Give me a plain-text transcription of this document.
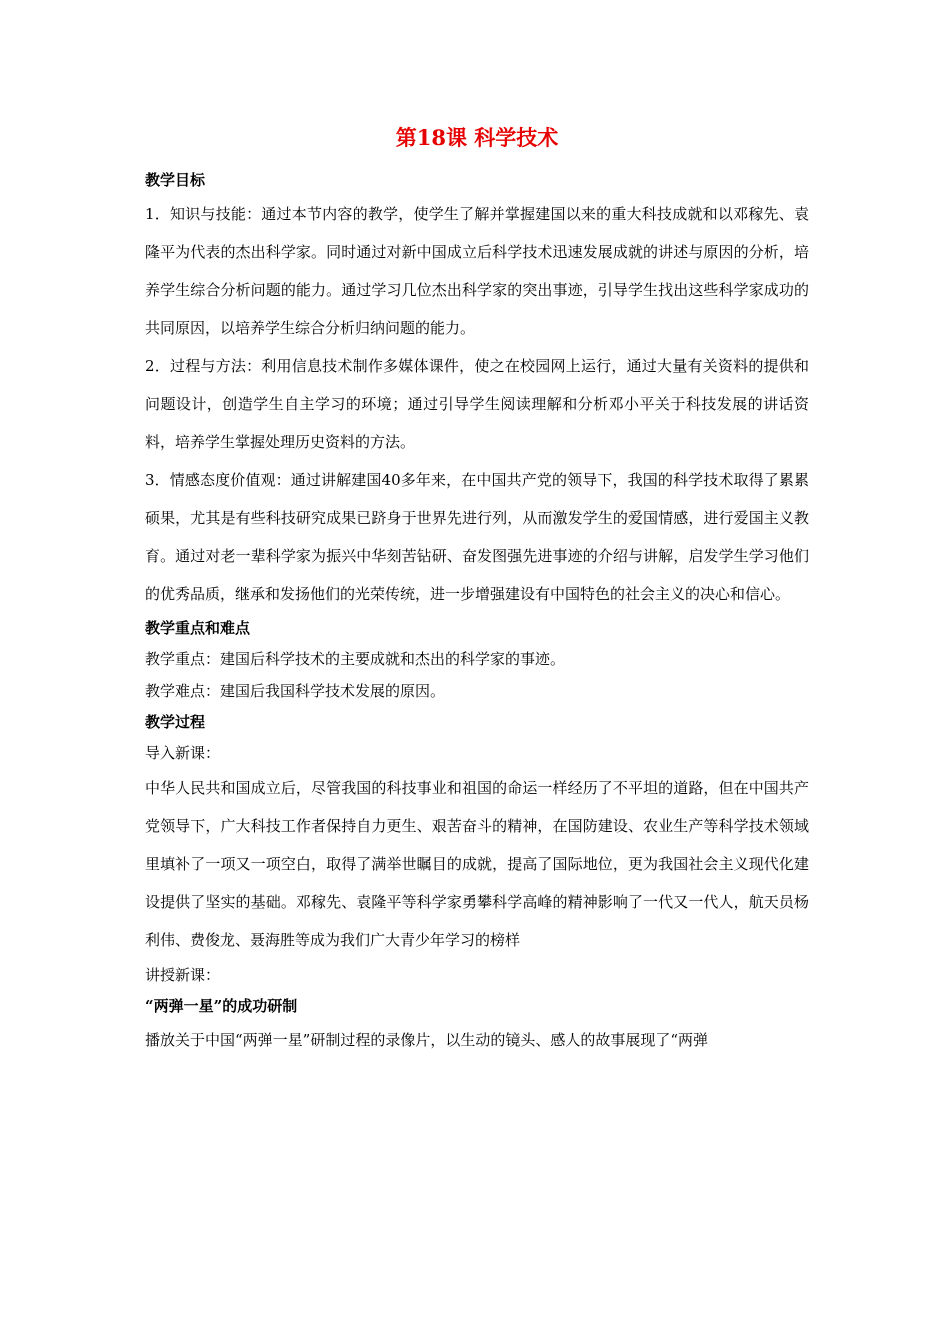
第18课 科学技术
教学目标

1．知识与技能：通过本节内容的教学，使学生了解并掌握建国以来的重大科技成就和以邓稼先、袁隆平为代表的杰出科学家。同时通过对新中国成立后科学技术迅速发展成就的讲述与原因的分析，培养学生综合分析问题的能力。通过学习几位杰出科学家的突出事迹，引导学生找出这些科学家成功的共同原因，以培养学生综合分析归纳问题的能力。

2．过程与方法：利用信息技术制作多媒体课件，使之在校园网上运行，通过大量有关资料的提供和问题设计，创造学生自主学习的环境；通过引导学生阅读理解和分析邓小平关于科技发展的讲话资料，培养学生掌握处理历史资料的方法。

3．情感态度价值观：通过讲解建国40多年来，在中国共产党的领导下，我国的科学技术取得了累累硕果，尤其是有些科技研究成果已跻身于世界先进行列，从而激发学生的爱国情感，进行爱国主义教育。通过对老一辈科学家为振兴中华刻苦钻研、奋发图强先进事迹的介绍与讲解，启发学生学习他们的优秀品质，继承和发扬他们的光荣传统，进一步增强建设有中国特色的社会主义的决心和信心。

教学重点和难点

教学重点：建国后科学技术的主要成就和杰出的科学家的事迹。

教学难点：建国后我国科学技术发展的原因。

教学过程

导入新课：

中华人民共和国成立后，尽管我国的科技事业和祖国的命运一样经历了不平坦的道路，但在中国共产党领导下，广大科技工作者保持自力更生、艰苦奋斗的精神，在国防建设、农业生产等科学技术领域里填补了一项又一项空白，取得了满举世瞩目的成就，提高了国际地位，更为我国社会主义现代化建设提供了坚实的基础。邓稼先、袁隆平等科学家勇攀科学高峰的精神影响了一代又一代人，航天员杨利伟、费俊龙、聂海胜等成为我们广大青少年学习的榜样

讲授新课：

“两弹一星”的成功研制

播放关于中国“两弹一星”研制过程的录像片，以生动的镜头、感人的故事展现了“两弹
